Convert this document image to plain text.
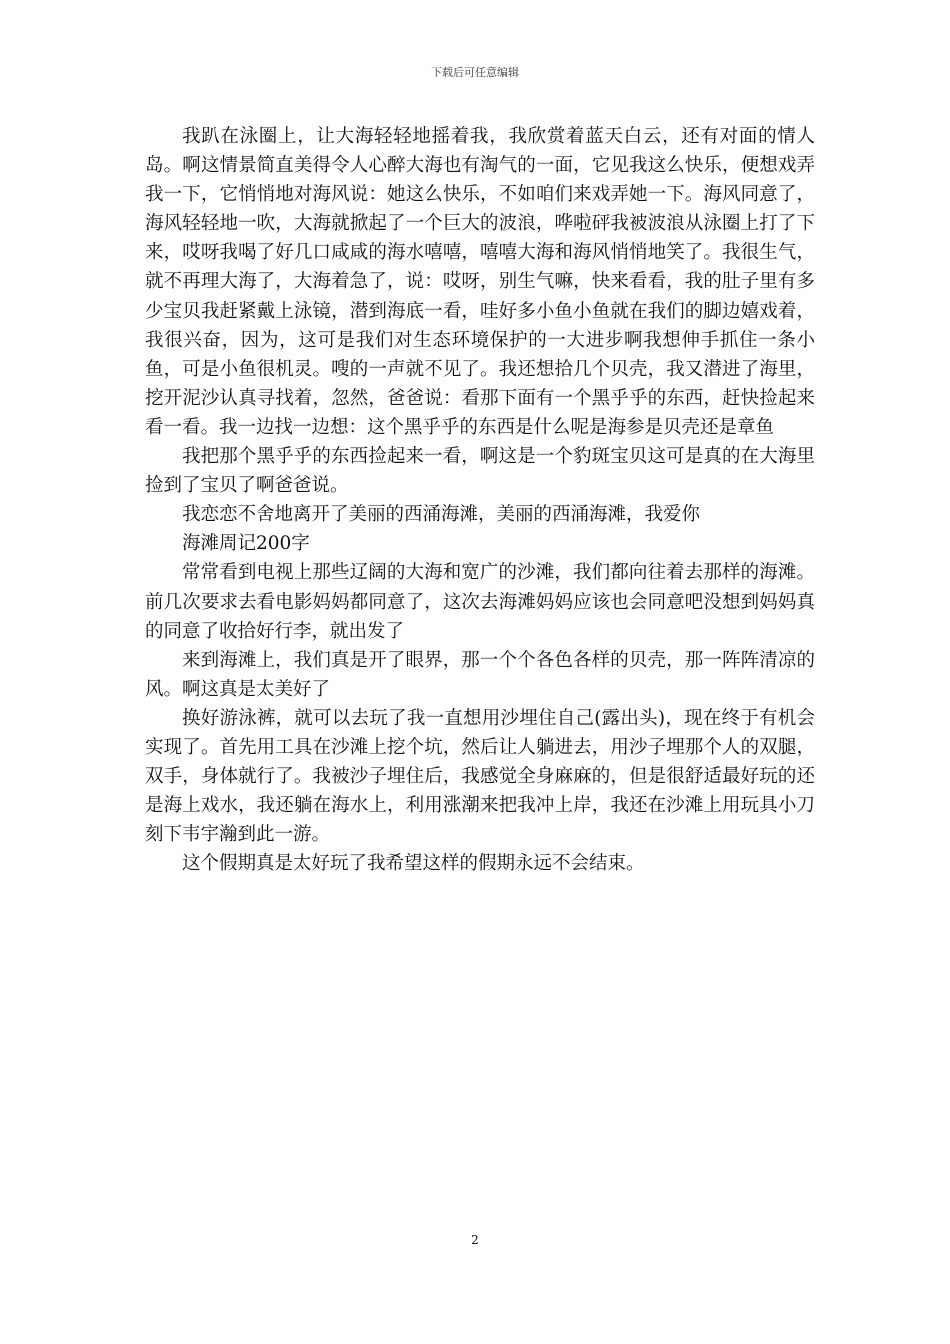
下载后可任意编辑

我趴在泳圈上，让大海轻轻地摇着我，我欣赏着蓝天白云，还有对面的情人岛。啊这情景简直美得令人心醉大海也有淘气的一面，它见我这么快乐，便想戏弄我一下，它悄悄地对海风说：她这么快乐，不如咱们来戏弄她一下。海风同意了，海风轻轻地一吹，大海就掀起了一个巨大的波浪，哗啦砰我被波浪从泳圈上打了下来，哎呀我喝了好几口咸咸的海水嘻嘻，嘻嘻大海和海风悄悄地笑了。我很生气，就不再理大海了，大海着急了，说：哎呀，别生气嘛，快来看看，我的肚子里有多少宝贝我赶紧戴上泳镜，潜到海底一看，哇好多小鱼小鱼就在我们的脚边嬉戏着，我很兴奋，因为，这可是我们对生态环境保护的一大进步啊我想伸手抓住一条小鱼，可是小鱼很机灵。嗖的一声就不见了。我还想拾几个贝壳，我又潜进了海里，挖开泥沙认真寻找着，忽然，爸爸说：看那下面有一个黑乎乎的东西，赶快捡起来看一看。我一边找一边想：这个黑乎乎的东西是什么呢是海参是贝壳还是章鱼

我把那个黑乎乎的东西捡起来一看，啊这是一个豹斑宝贝这可是真的在大海里捡到了宝贝了啊爸爸说。

我恋恋不舍地离开了美丽的西涌海滩，美丽的西涌海滩，我爱你

海滩周记200字

常常看到电视上那些辽阔的大海和宽广的沙滩，我们都向往着去那样的海滩。前几次要求去看电影妈妈都同意了，这次去海滩妈妈应该也会同意吧没想到妈妈真的同意了收拾好行李，就出发了

来到海滩上，我们真是开了眼界，那一个个各色各样的贝壳，那一阵阵清凉的风。啊这真是太美好了

换好游泳裤，就可以去玩了我一直想用沙埋住自己(露出头)，现在终于有机会实现了。首先用工具在沙滩上挖个坑，然后让人躺进去，用沙子埋那个人的双腿，双手，身体就行了。我被沙子埋住后，我感觉全身麻麻的，但是很舒适最好玩的还是海上戏水，我还躺在海水上，利用涨潮来把我冲上岸，我还在沙滩上用玩具小刀刻下韦宇瀚到此一游。

这个假期真是太好玩了我希望这样的假期永远不会结束。

2
